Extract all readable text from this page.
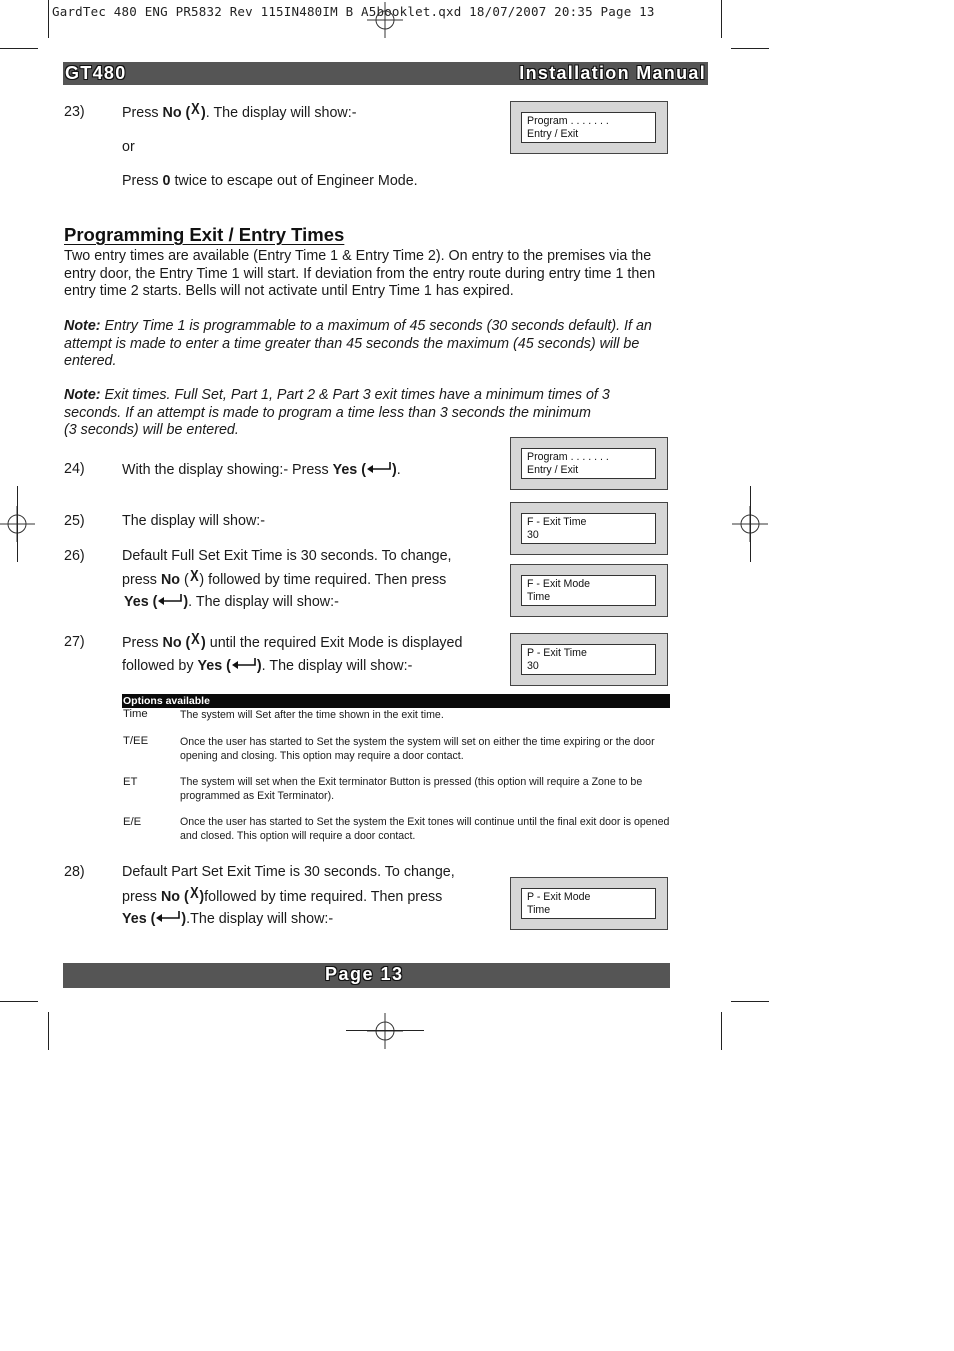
GardTec 480 ENG PR5832 Rev 115IN480IM B A5booklet.qxd 18/07/2007 20:35 Page 13
GT480	Installation Manual
23)	Press No (X). The display will show:-
or
Press 0 twice to escape out of Engineer Mode.
Program . . . . . . .
Entry / Exit
Program . . . . . . .
Entry / Exit
F - Exit Time
30
F - Exit Mode
Time
P - Exit Time
30
P - Exit Mode
Time
Programming Exit / Entry Times
Two entry times are available (Entry Time 1 & Entry Time 2). On entry to the premises via the entry door, the Entry Time 1 will start. If deviation from the entry route during entry time 1 then entry time 2 starts. Bells will not activate until Entry Time 1 has expired.
Note: Entry Time 1 is programmable to a maximum of 45 seconds (30 seconds default). If an attempt is made to enter a time greater than 45 seconds the maximum (45 seconds) will be entered.
Note: Exit times. Full Set, Part 1, Part 2 & Part 3 exit times have a minimum times of 3
seconds. If an attempt is made to program a time less than 3 seconds the minimum
(3 seconds) will be entered.
24)	With the display showing:- Press Yes ( ).
25)	The display will show:-
26)	Default Full Set Exit Time is 30 seconds. To change,
press No (X) followed by time required. Then press
Yes ( ). The display will show:-
27)	Press No (X) until the required Exit Mode is displayed
followed by Yes ( ). The display will show:-
Options available
Time	The system will Set after the time shown in the exit time.
T/EE	Once the user has started to Set the system the system will set on either the time expiring or the door opening and closing. This option may require a door contact.
ET	The system will set when the Exit terminator Button is pressed (this option will require a Zone to be programmed as Exit Terminator).
E/E	Once the user has started to Set the system the Exit tones will continue until the final exit door is opened and closed. This option will require a door contact.
28)	Default Part Set Exit Time is 30 seconds. To change,
press No (X)followed by time required. Then press
Yes ( ).The display will show:-
Page 13
